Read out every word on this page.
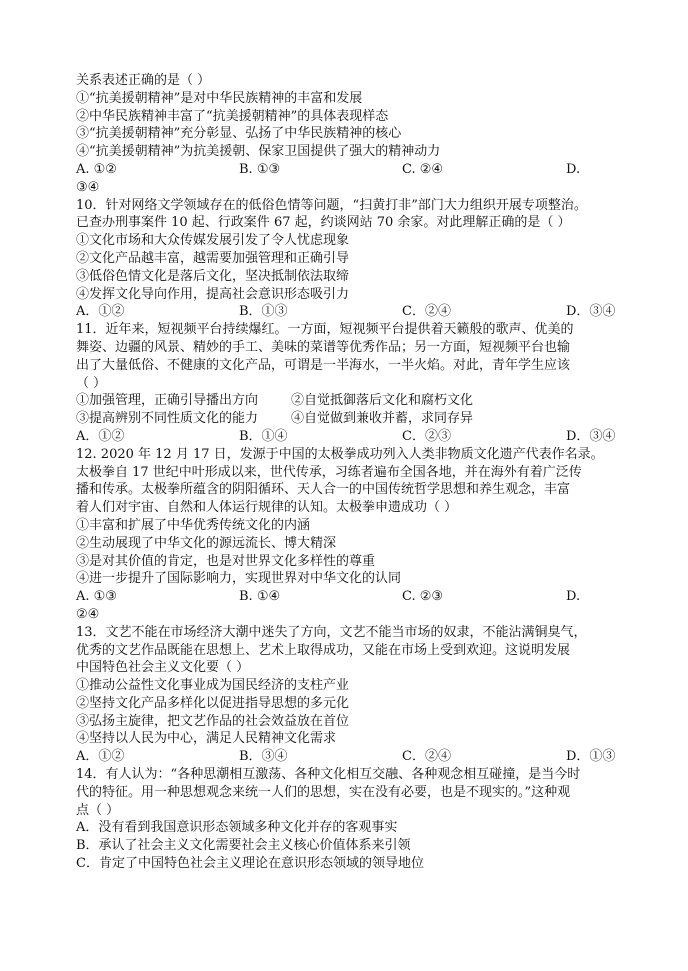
关系表述正确的是（ ）
①“抗美援朝精神”是对中华民族精神的丰富和发展
②中华民族精神丰富了“抗美援朝精神”的具体表现样态
③“抗美援朝精神”充分彰显、弘扬了中华民族精神的核心
④“抗美援朝精神”为抗美援朝、保家卫国提供了强大的精神动力
A. ①②	B. ①③	C. ②④	D.
③④
10．针对网络文学领域存在的低俗色情等问题，“扫黄打非”部门大力组织开展专项整治。
已查办刑事案件 10 起、行政案件 67 起，约谈网站 70 余家。对此理解正确的是（ ）
①文化市场和大众传媒发展引发了令人忧虑现象
②文化产品越丰富，越需要加强管理和正确引导
③低俗色情文化是落后文化，坚决抵制依法取缔
④发挥文化导向作用，提高社会意识形态吸引力
A．①②	B．①③	C．②④	D．③④
11．近年来，短视频平台持续爆红。一方面，短视频平台提供着天籁般的歌声、优美的
舞姿、边疆的风景、精妙的手工、美味的菜谱等优秀作品；另一方面，短视频平台也输
出了大量低俗、不健康的文化产品，可谓是一半海水，一半火焰。对此，青年学生应该
（ ）
①加强管理，正确引导播出方向        ②自觉抵御落后文化和腐朽文化
③提高辨别不同性质文化的能力        ④自觉做到兼收并蓄，求同存异
A．①②	B．①④	C．②③	D．③④
12. 2020 年 12 月 17 日，发源于中国的太极拳成功列入人类非物质文化遗产代表作名录。
太极拳自 17 世纪中叶形成以来，世代传承，习练者遍布全国各地，并在海外有着广泛传
播和传承。太极拳所蕴含的阴阳循环、天人合一的中国传统哲学思想和养生观念，丰富
着人们对宇宙、自然和人体运行规律的认知。太极拳申遗成功（ ）
①丰富和扩展了中华优秀传统文化的内涵
②生动展现了中华文化的源远流长、博大精深
③是对其价值的肯定，也是对世界文化多样性的尊重
④进一步提升了国际影响力，实现世界对中华文化的认同
A. ①③	B. ①④	C. ②③	D.
②④
13．文艺不能在市场经济大潮中迷失了方向，文艺不能当市场的奴隶，不能沾满铜臭气，
优秀的文艺作品既能在思想上、艺术上取得成功，又能在市场上受到欢迎。这说明发展
中国特色社会主义文化要（ ）
①推动公益性文化事业成为国民经济的支柱产业
②坚持文化产品多样化以促进指导思想的多元化
③弘扬主旋律，把文艺作品的社会效益放在首位
④坚持以人民为中心，满足人民精神文化需求
A．①②	B．③④	C．②④	D．①③
14．有人认为：“各种思潮相互激荡、各种文化相互交融、各种观念相互碰撞，是当今时
代的特征。用一种思想观念来统一人们的思想，实在没有必要，也是不现实的。”这种观
点（ ）
A．没有看到我国意识形态领域多种文化并存的客观事实
B．承认了社会主义文化需要社会主义核心价值体系来引领
C．肯定了中国特色社会主义理论在意识形态领域的领导地位
